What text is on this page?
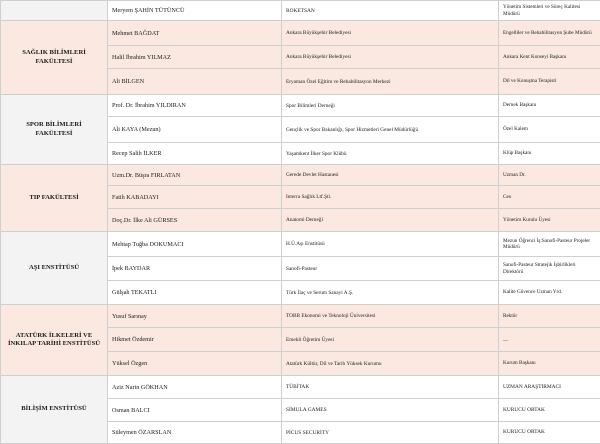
	Meryem ŞAHİN TÜTÜNCÜ	ROKETSAN	Yönetim Sistemleri ve Süreç Kalitesi Müdürü
SAĞLIK BİLİMLERİ FAKÜLTESİ	Mehmet BAĞDAT	Ankara Büyükşehir Belediyesi	Engelliler ve Rehabilitasyon Şube Müdürü
	Halil İbrahim YILMAZ	Ankara Büyükşehir Belediyesi	Ankara Kent Konseyi Başkanı
	Ali BİLGEN	Eryaman Özel Eğitim ve Rehabilitasyon Merkezi	Dil ve Konuşma Terapisti
SPOR BİLİMLERİ FAKÜLTESİ	Prof. Dr. İbrahim YILDIRAN	Spor Bilimleri Derneği	Dernek Başkanı
	Ali KAYA (Mezun)	Gençlik ve Spor Bakanlığı, Spor Hizmetleri Genel Müdürlüğü	Özel Kalem
	Recep Salih İLKER	Yaşamkent İlker Spor Klübü	Klüp Başkanı
TIP FAKÜLTESİ	Uzm.Dr. Büşra FIRLATAN	Gerede Devlet Hastanesi	Uzman Dr.
	Fatih KABADAYI	Interra Sağlık Ltf.Şti.	Ceo
	Doç.Dr. İlke Ali GÜRSES	Anatomi Derneği	Yönetim Kurulu Üyesi
AŞI ENSTİTÜSÜ	Mehtap Tuğba DOKUMACI	H.Ü.Aşı Enstitüsü	Mezun Öğrenci İş:Sanofi-Pasteur Projeler Müdürü
	İpek BAYDAR	Sanofi-Pasteur	Sanofi-Pasteur Stratejik İşbirlikleri Direktörü
	Gülşah TEKATLI	Türk İlaç ve Serum Sanayi A.Ş.	Kalite Güvence Uzman Yrd.
ATATÜRK İLKELERİ VE İNKILAP TARİHİ ENSTİTÜSÜ	Yusuf Sarınay	TOBB Ekonomi ve Teknoloji Üniversitesi	Rektör
	Hikmet Özdemir	Emekli Öğretim Üyesi	__
	Yüksel Özgen	Atatürk Kültür, Dil ve Tarih Yüksek Kurumu	Kurum Başkanı
BİLİŞİM ENSTİTÜSÜ	Aziz Narin GÖKHAN	TÜBİTAK	UZMAN ARAŞTIRMACI
	Osman BALCI	SİMULA GAMES	KURUCU ORTAK
	Süleymen ÖZARSLAN	PİCUS SECURİTY	KURUCU ORTAK
